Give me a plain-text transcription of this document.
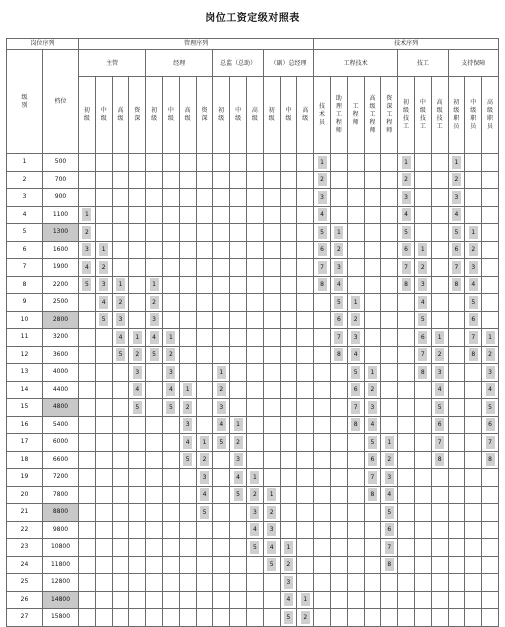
岗位工资定级对照表
岗位序列		管理序列														技术序列										
级别	档位	主管				经理				总监（总助）			（副）总经理			工程技术					技工			支持保障		
		初级	中级	高级	资深	初级	中级	高级	资深	初级	中级	高级	初级	中级	高级	技术员	助理工程师	工程师	高级工程师	资深工程师	初级技工	中级技工	高级技工	初级职员	中级职员	高级职员
1	500															1					1			1		
2	700															2					2			2		
3	900															3					3			3		
4	1100	1														4					4			4		
5	1300	2														5	1				5			5	1	
6	1600	3	1													6	2				6	1		6	2	
7	1900	4	2													7	3				7	2		7	3	
8	2200	5	3	1		1										8	4				8	3		8	4	
9	2500		4	2		2											5	1				4			5	
10	2800		5	3		3											6	2				5			6	
11	3200			4	1	4	1										7	3				6	1		7	1
12	3600			5	2	5	2										8	4				7	2		8	2
13	4000				3		3			1								5	1			8	3			3
14	4400				4		4	1		2								6	2				4			4
15	4800				5		5	2		3								7	3				5			5
16	5400							3		4	1							8	4				6			6
17	6000							4	1	5	2								5	1			7			7
18	6600							5	2		3								6	2			8			8
19	7200								3		4	1							7	3						
20	7800								4		5	2	1						8	4						
21	8800								5			3	2							5						
22	9800											4	3							6						
23	10800											5	4	1						7						
24	11800												5	2						8						
25	12800													3												
26	14800													4	1											
27	15800													5	2											
